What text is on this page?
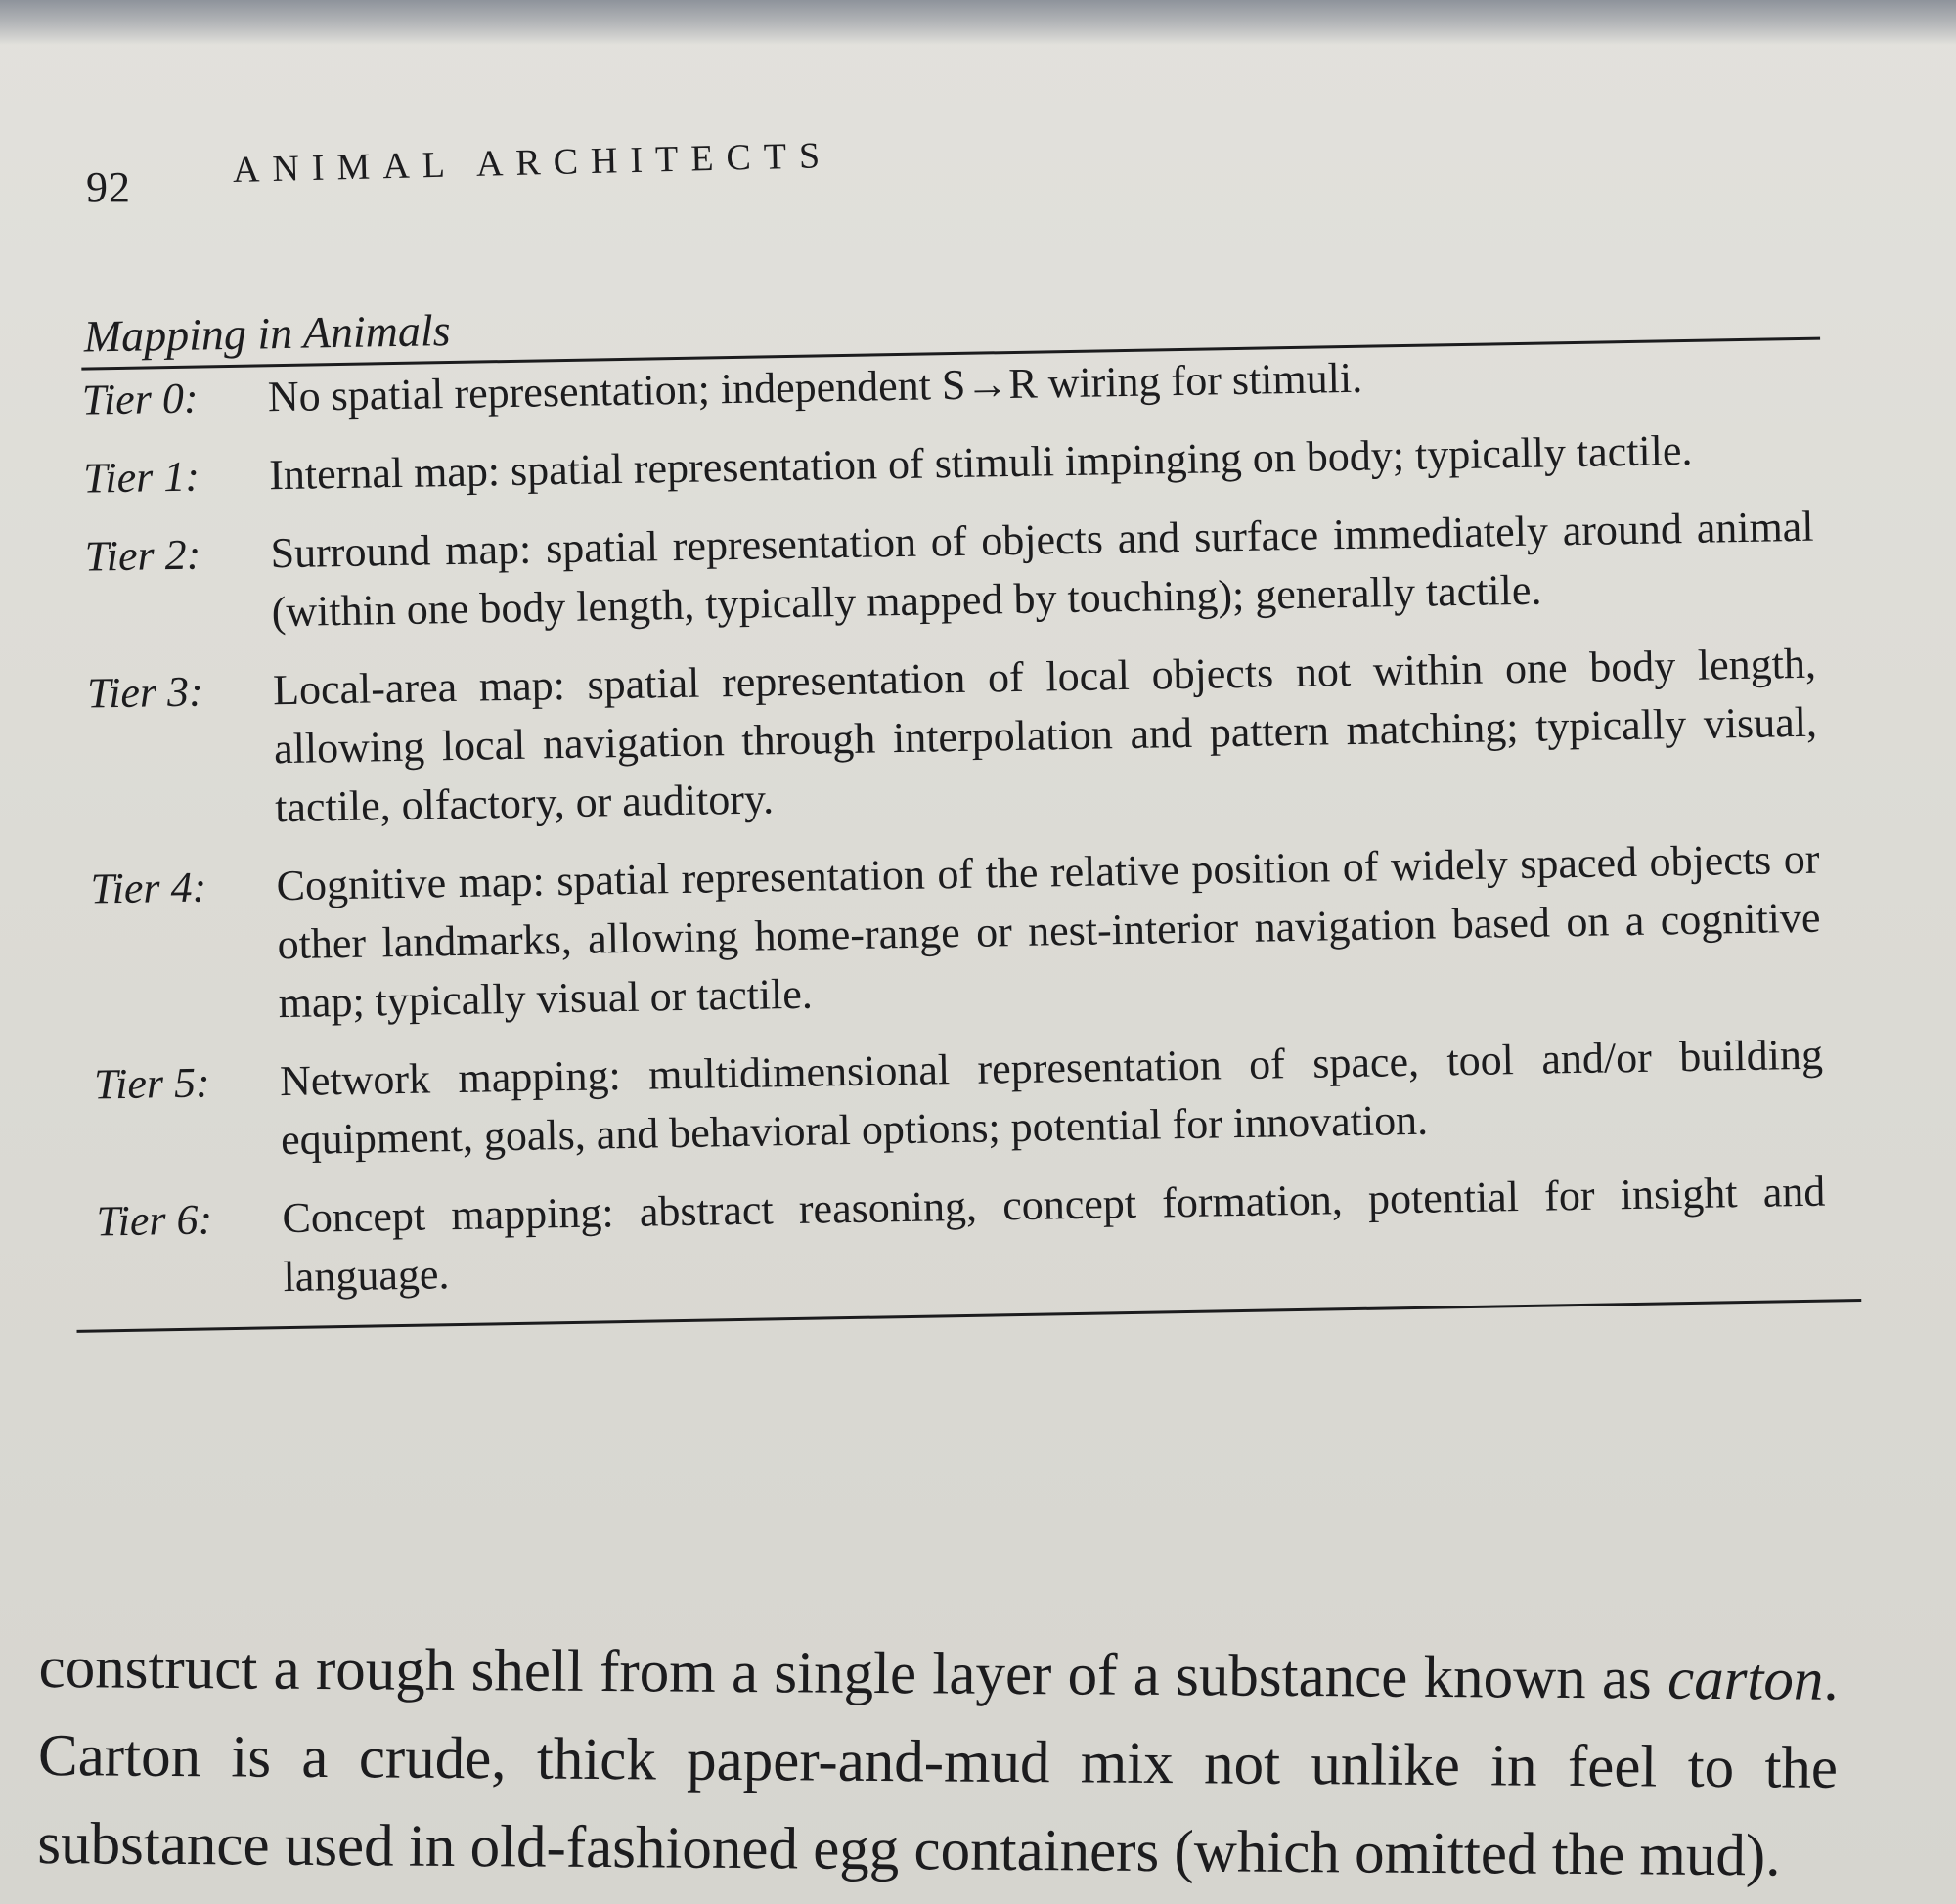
92	ANIMAL ARCHITECTS
Mapping in Animals
Tier 0:	No spatial representation; independent S→R wiring for stimuli.
Tier 1:	Internal map: spatial representation of stimuli impinging on body; typically tactile.
Tier 2:	Surround map: spatial representation of objects and surface immediately around animal (within one body length, typically mapped by touching); generally tactile.
Tier 3:	Local-area map: spatial representation of local objects not within one body length, allowing local navigation through interpolation and pattern matching; typically visual, tactile, olfactory, or auditory.
Tier 4:	Cognitive map: spatial representation of the relative position of widely spaced objects or other landmarks, allowing home-range or nest-interior navigation based on a cognitive map; typically visual or tactile.
Tier 5:	Network mapping: multidimensional representation of space, tool and/or building equipment, goals, and behavioral options; potential for innovation.
Tier 6:	Concept mapping: abstract reasoning, concept formation, potential for insight and language.

construct a rough shell from a single layer of a substance known as carton. Carton is a crude, thick paper-and-mud mix not unlike in feel to the substance used in old-fashioned egg containers (which omitted the mud).
